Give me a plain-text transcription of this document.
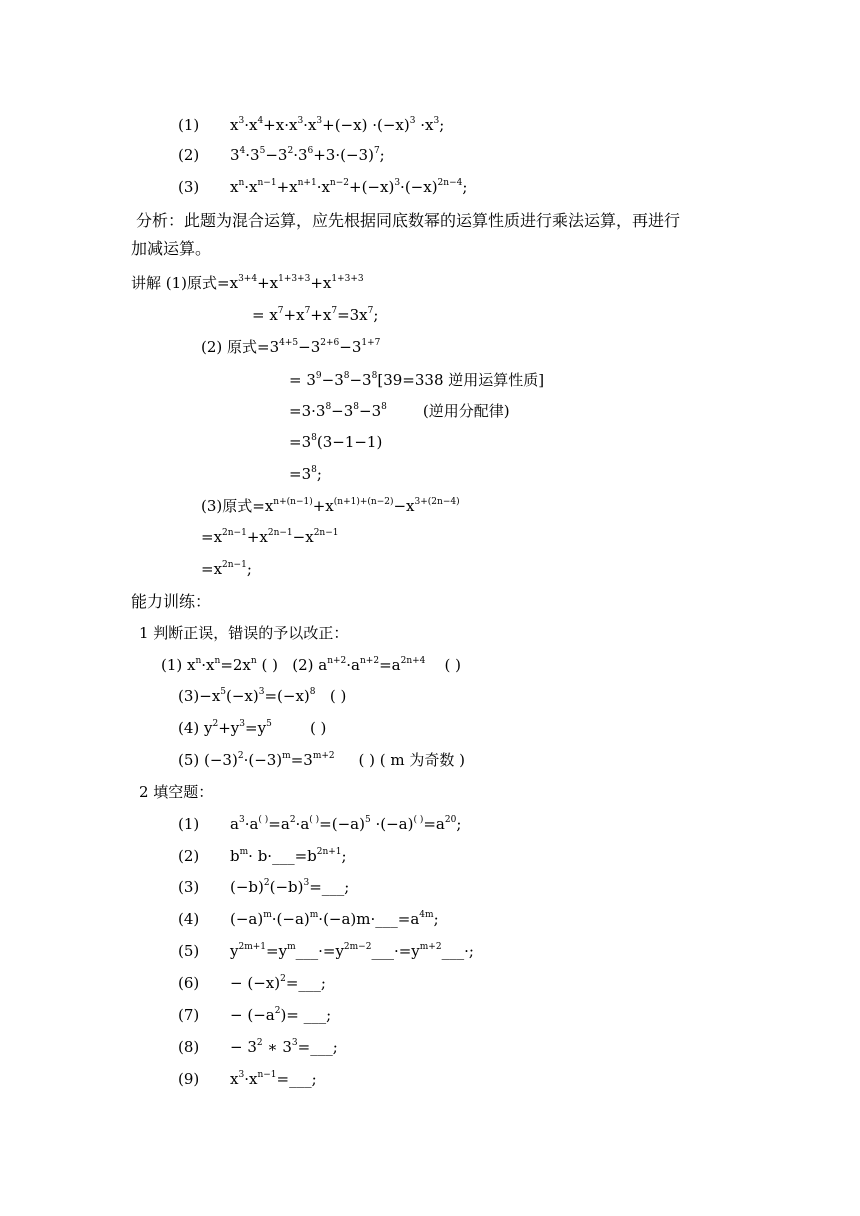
(1) $x^3\cdot x^4+x\cdot x^3\cdot x^3+(-x) \cdot(-x)^3 \cdot x^3$;
(2) $3^4\cdot 3^5-3^2\cdot 3^6+3\cdot(-3)^7$;
(3) $x^n\cdot x^{n-1}+x^{n+1}\cdot x^{n-2}+(-x)^3\cdot(-x)^{2n-4}$;
分析：此题为混合运算，应先根据同底数幂的运算性质进行乘法运算，再进行
加减运算。
讲解 (1)原式$=x^{3+4}+x^{1+3+3}+x^{1+3+3}$
= $x^7+x^7+x^7=3x^7$;
(2) 原式$=3^{4+5}-3^{2+6}-3^{1+7}$
= $3^9-3^8-3^8[39=338$ 逆用运算性质]
$=3\cdot 3^8-3^8-3^8$ (逆用分配律)
$=3^8(3-1-1)$
$=3^8$;
(3)原式$=x^{n+(n-1)}+x^{(n+1)+(n-2)}-x^{3+(2n-4)}$
$=x^{2n-1}+x^{2n-1}-x^{2n-1}$
$=x^{2n-1}$;
能力训练：
1 判断正误，错误的予以改正：
(1) $x^n\cdot x^n=2x^n$ ( )   (2) $a^{n+2}\cdot a^{n+2}=a^{2n+4}$    ( )
$(3)-x^5(-x)^3=(-x)^8$   ( )
(4) $y^2+y^3=y^5$        ( )
(5) $(-3)^2\cdot(-3)^m=3^{m+2}$ ( ) ( m 为奇数 )
2 填空题：
(1) $a^3\cdot a^{( )}=a^2\cdot a^{( )}=(-a)^5 \cdot(-a)^{( )}=a^{20}$;
(2) $b^m\cdot$ $b\cdot\_\_\_=b^{2n+1}$;
(3) $(-b)^2(-b)^3=\_\_\_$;
(4) $(-a)^m\cdot(-a)^m\cdot(-a)m\cdot\_\_\_=a^{4m}$;
(5) $y^{2m+1}=y^m\_\_\_\cdot=y^{2m-2}\_\_\_\cdot=y^{m+2}\_\_\_\cdot$;
$(6) - (-x)^2=\_\_\_$;
$(7) - (-a^2)=$ ___;
$(8) - 3^2$ ∗ $3^3=\_\_\_$;
(9) $x^3\cdot x^{n-1}=\_\_\_$;
